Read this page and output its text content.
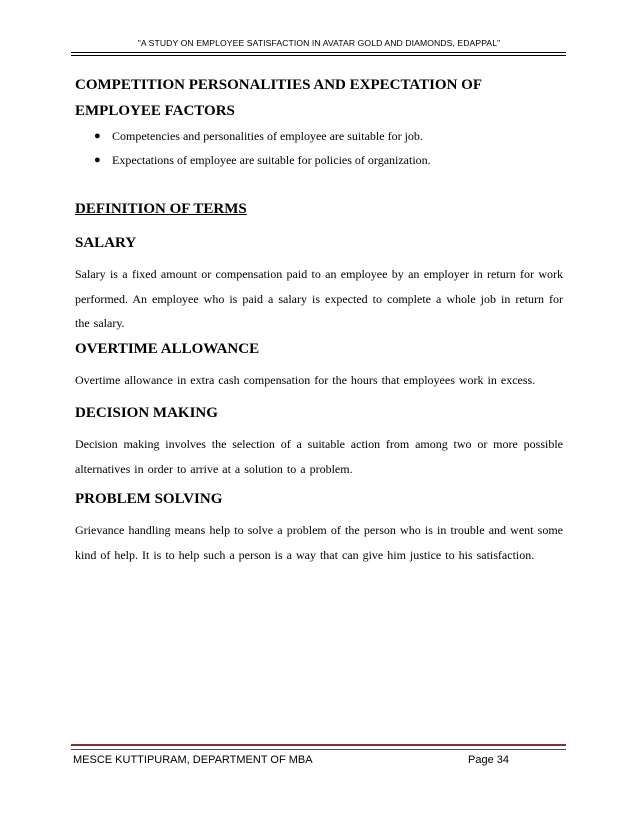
"A STUDY ON EMPLOYEE SATISFACTION IN AVATAR GOLD AND DIAMONDS, EDAPPAL"
COMPETITION PERSONALITIES AND EXPECTATION OF EMPLOYEE FACTORS
● Competencies and personalities of employee are suitable for job.
● Expectations of employee are suitable for policies of organization.
DEFINITION OF TERMS
SALARY
Salary is a fixed amount or compensation paid to an employee by an employer in return for work performed. An employee who is paid a salary is expected to complete a whole job in return for the salary.
OVERTIME ALLOWANCE
Overtime allowance in extra cash compensation for the hours that employees work in excess.
DECISION MAKING
Decision making involves the selection of a suitable action from among two or more possible alternatives in order to arrive at a solution to a problem.
PROBLEM SOLVING
Grievance handling means help to solve a problem of the person who is in trouble and went some kind of help. It is to help such a person is a way that can give him justice to his satisfaction.
MESCE KUTTIPURAM, DEPARTMENT OF MBA	Page 34
